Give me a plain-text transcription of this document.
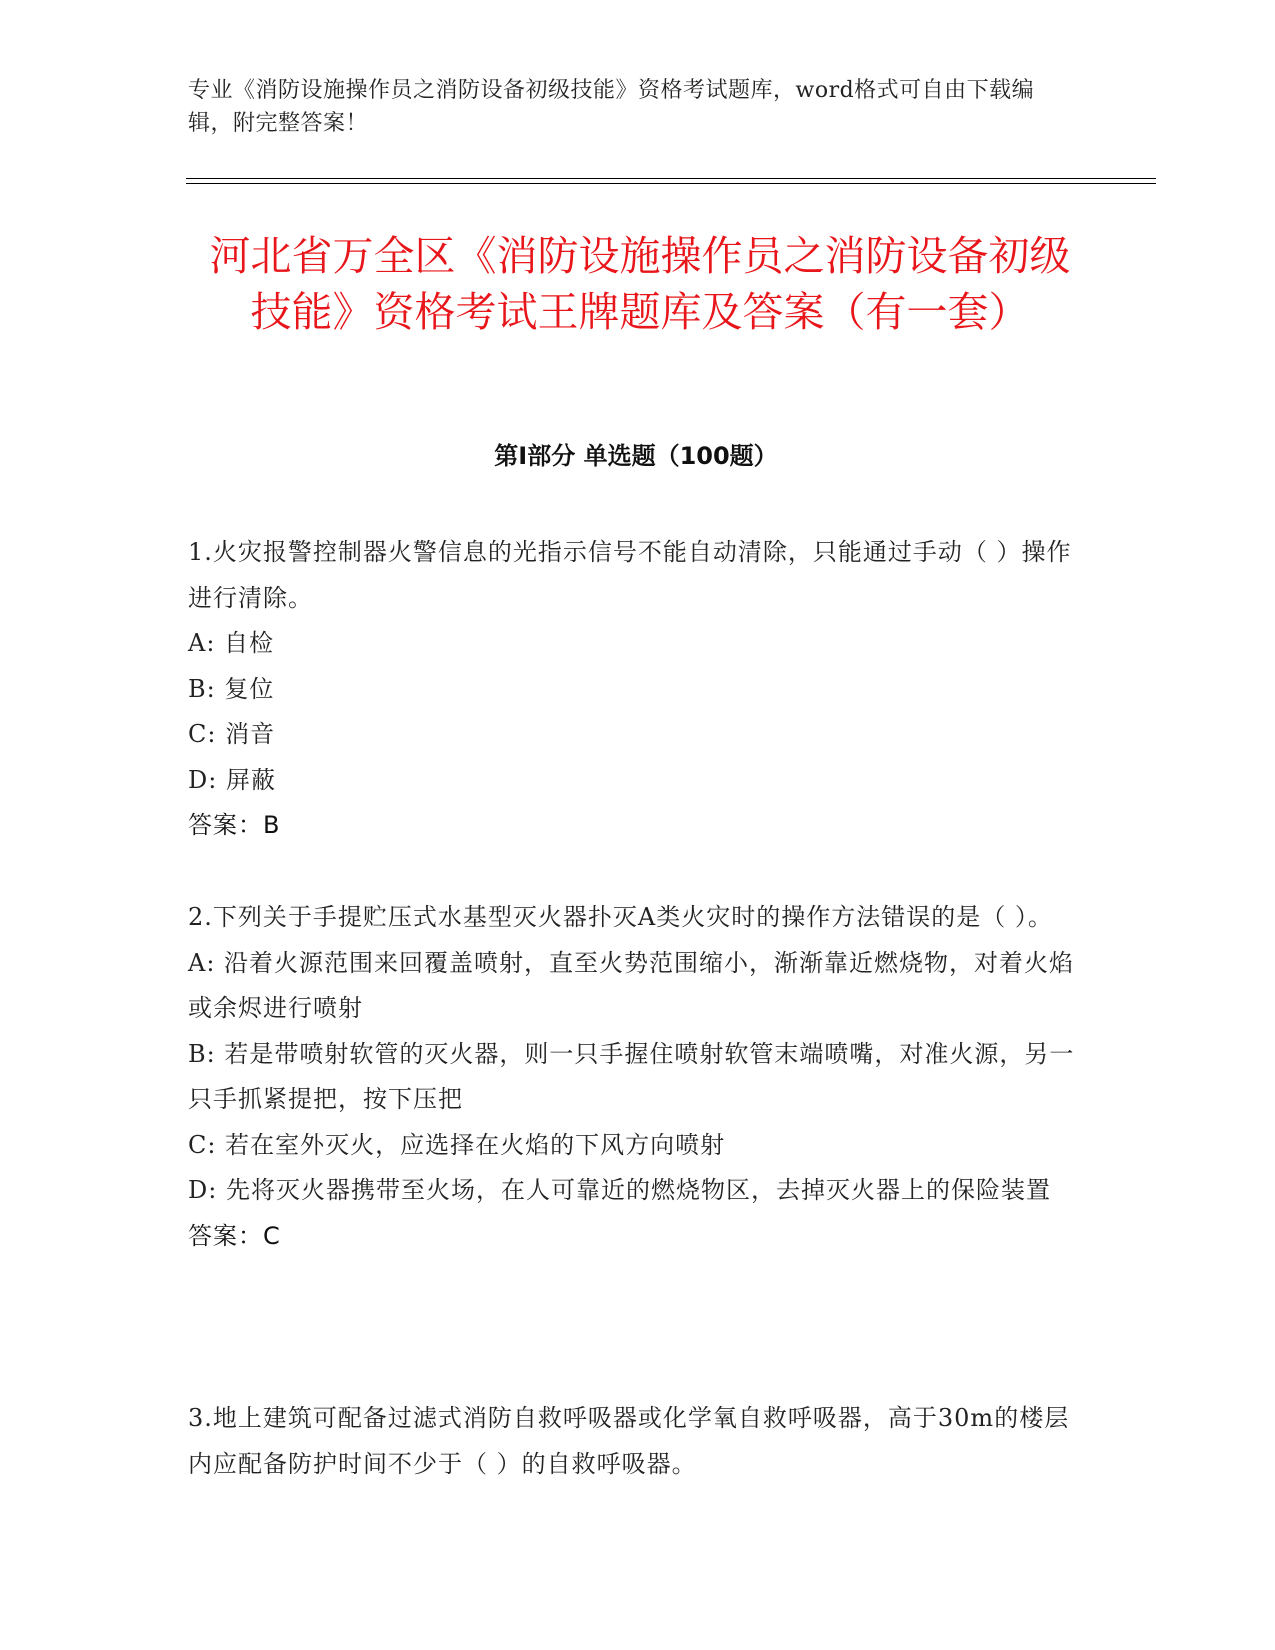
专业《消防设施操作员之消防设备初级技能》资格考试题库，word格式可自由下载编辑，附完整答案！
河北省万全区《消防设施操作员之消防设备初级技能》资格考试王牌题库及答案（有一套）
第Ⅰ部分 单选题（100题）

1.火灾报警控制器火警信息的光指示信号不能自动清除，只能通过手动（ ）操作进行清除。

A: 自检

B: 复位

C: 消音

D: 屏蔽

答案：B

2.下列关于手提贮压式水基型灭火器扑灭A类火灾时的操作方法错误的是（ ）。

A: 沿着火源范围来回覆盖喷射，直至火势范围缩小，渐渐靠近燃烧物，对着火焰或余烬进行喷射

B: 若是带喷射软管的灭火器，则一只手握住喷射软管末端喷嘴，对准火源，另一只手抓紧提把，按下压把

C: 若在室外灭火，应选择在火焰的下风方向喷射

D: 先将灭火器携带至火场，在人可靠近的燃烧物区，去掉灭火器上的保险装置

答案：C

3.地上建筑可配备过滤式消防自救呼吸器或化学氧自救呼吸器，高于30m的楼层内应配备防护时间不少于（ ）的自救呼吸器。
